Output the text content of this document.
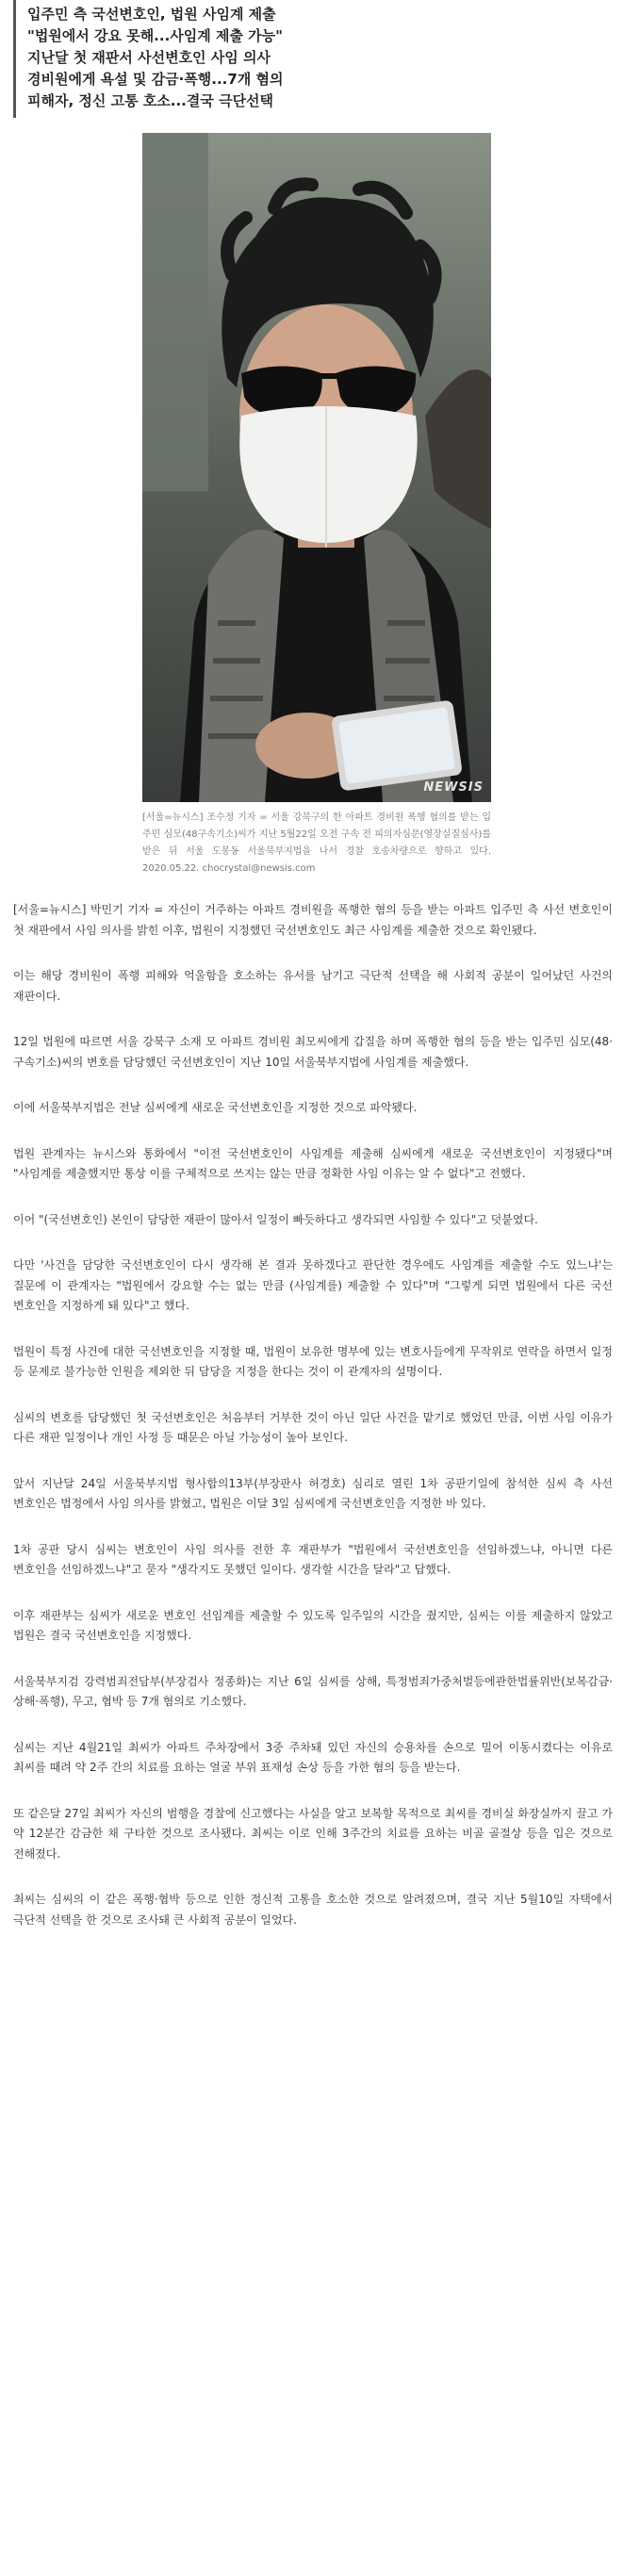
입주민 측 국선변호인, 법원 사임계 제출
"법원에서 강요 못해...사임계 제출 가능"
지난달 첫 재판서 사선변호인 사임 의사
경비원에게 욕설 및 감금·폭행...7개 혐의
피해자, 정신 고통 호소...결국 극단선택
NEWSIS
[서울=뉴시스] 조수정 기자 = 서울 강북구의 한 아파트 경비원 폭행 협의를 받는 입주민 심모(48구속기소)씨가 지난 5월22일 오전 구속 전 피의자심문(영장실질심사)를 받은 뒤 서울 도봉동 서울북부지법을 나서 경찰 호송차량으로 향하고 있다. 2020.05.22. chocrystal@newsis.com

[서울=뉴시스] 박민기 기자 = 자신이 거주하는 아파트 경비원을 폭행한 혐의 등을 받는 아파트 입주민 측 사선 변호인이 첫 재판에서 사임 의사를 밝힌 이후, 법원이 지정했던 국선변호인도 최근 사임계를 제출한 것으로 확인됐다.

이는 해당 경비원이 폭행 피해와 억울함을 호소하는 유서를 남기고 극단적 선택을 해 사회적 공분이 일어났던 사건의 재판이다.

12일 법원에 따르면 서울 강북구 소재 모 아파트 경비원 최모씨에게 갑질을 하며 폭행한 혐의 등을 받는 입주민 심모(48·구속기소)씨의 변호를 담당했던 국선변호인이 지난 10일 서울북부지법에 사임계를 제출했다.

이에 서울북부지법은 전날 심씨에게 새로운 국선변호인을 지정한 것으로 파악됐다.

법원 관계자는 뉴시스와 통화에서 "이전 국선변호인이 사임계를 제출해 심씨에게 새로운 국선변호인이 지정됐다"며 "사임계를 제출했지만 통상 이를 구체적으로 쓰지는 않는 만큼 정확한 사임 이유는 알 수 없다"고 전했다.

이어 "(국선변호인) 본인이 담당한 재판이 많아서 일정이 빠듯하다고 생각되면 사임할 수 있다"고 덧붙였다.

다만 '사건을 담당한 국선변호인이 다시 생각해 본 결과 못하겠다고 판단한 경우에도 사임계를 제출할 수도 있느냐'는 질문에 이 관계자는 "법원에서 강요할 수는 없는 만큼 (사임계를) 제출할 수 있다"며 "그렇게 되면 법원에서 다른 국선 변호인을 지정하게 돼 있다"고 했다.

법원이 특정 사건에 대한 국선변호인을 지정할 때, 법원이 보유한 명부에 있는 변호사들에게 무작위로 연락을 하면서 일정 등 문제로 불가능한 인원을 제외한 뒤 담당을 지정을 한다는 것이 이 관계자의 설명이다.

심씨의 변호를 담당했던 첫 국선변호인은 처음부터 거부한 것이 아닌 일단 사건을 맡기로 했었던 만큼, 이번 사임 이유가 다른 재판 일정이나 개인 사정 등 때문은 아닐 가능성이 높아 보인다.

앞서 지난달 24일 서울북부지법 형사합의13부(부장판사 허경호) 심리로 열린 1차 공판기일에 참석한 심씨 측 사선 변호인은 법정에서 사임 의사를 밝혔고, 법원은 이달 3일 심씨에게 국선변호인을 지정한 바 있다.

1차 공판 당시 심씨는 변호인이 사임 의사를 전한 후 재판부가 "법원에서 국선변호인을 선임하겠느냐, 아니면 다른 변호인을 선임하겠느냐"고 묻자 "생각지도 못했던 일이다. 생각할 시간을 달라"고 답했다.

이후 재판부는 심씨가 새로운 변호인 선임계를 제출할 수 있도록 일주일의 시간을 줬지만, 심씨는 이를 제출하지 않았고 법원은 결국 국선변호인을 지정했다.

서울북부지검 강력범죄전담부(부장검사 정종화)는 지난 6일 심씨를 상해, 특정범죄가중처벌등에관한법률위반(보복감금·상해·폭행), 무고, 협박 등 7개 혐의로 기소했다.

심씨는 지난 4월21일 최씨가 아파트 주차장에서 3중 주차돼 있던 자신의 승용차를 손으로 밀어 이동시켰다는 이유로 최씨를 때려 약 2주 간의 치료를 요하는 얼굴 부위 표재성 손상 등을 가한 혐의 등을 받는다.

또 같은달 27일 최씨가 자신의 범행을 경찰에 신고했다는 사실을 알고 보복할 목적으로 최씨를 경비실 화장실까지 끌고 가 약 12분간 감금한 채 구타한 것으로 조사됐다. 최씨는 이로 인해 3주간의 치료를 요하는 비골 골절상 등을 입은 것으로 전해졌다.

최씨는 심씨의 이 같은 폭행·협박 등으로 인한 정신적 고통을 호소한 것으로 알려졌으며, 결국 지난 5월10일 자택에서 극단적 선택을 한 것으로 조사돼 큰 사회적 공분이 일었다.
